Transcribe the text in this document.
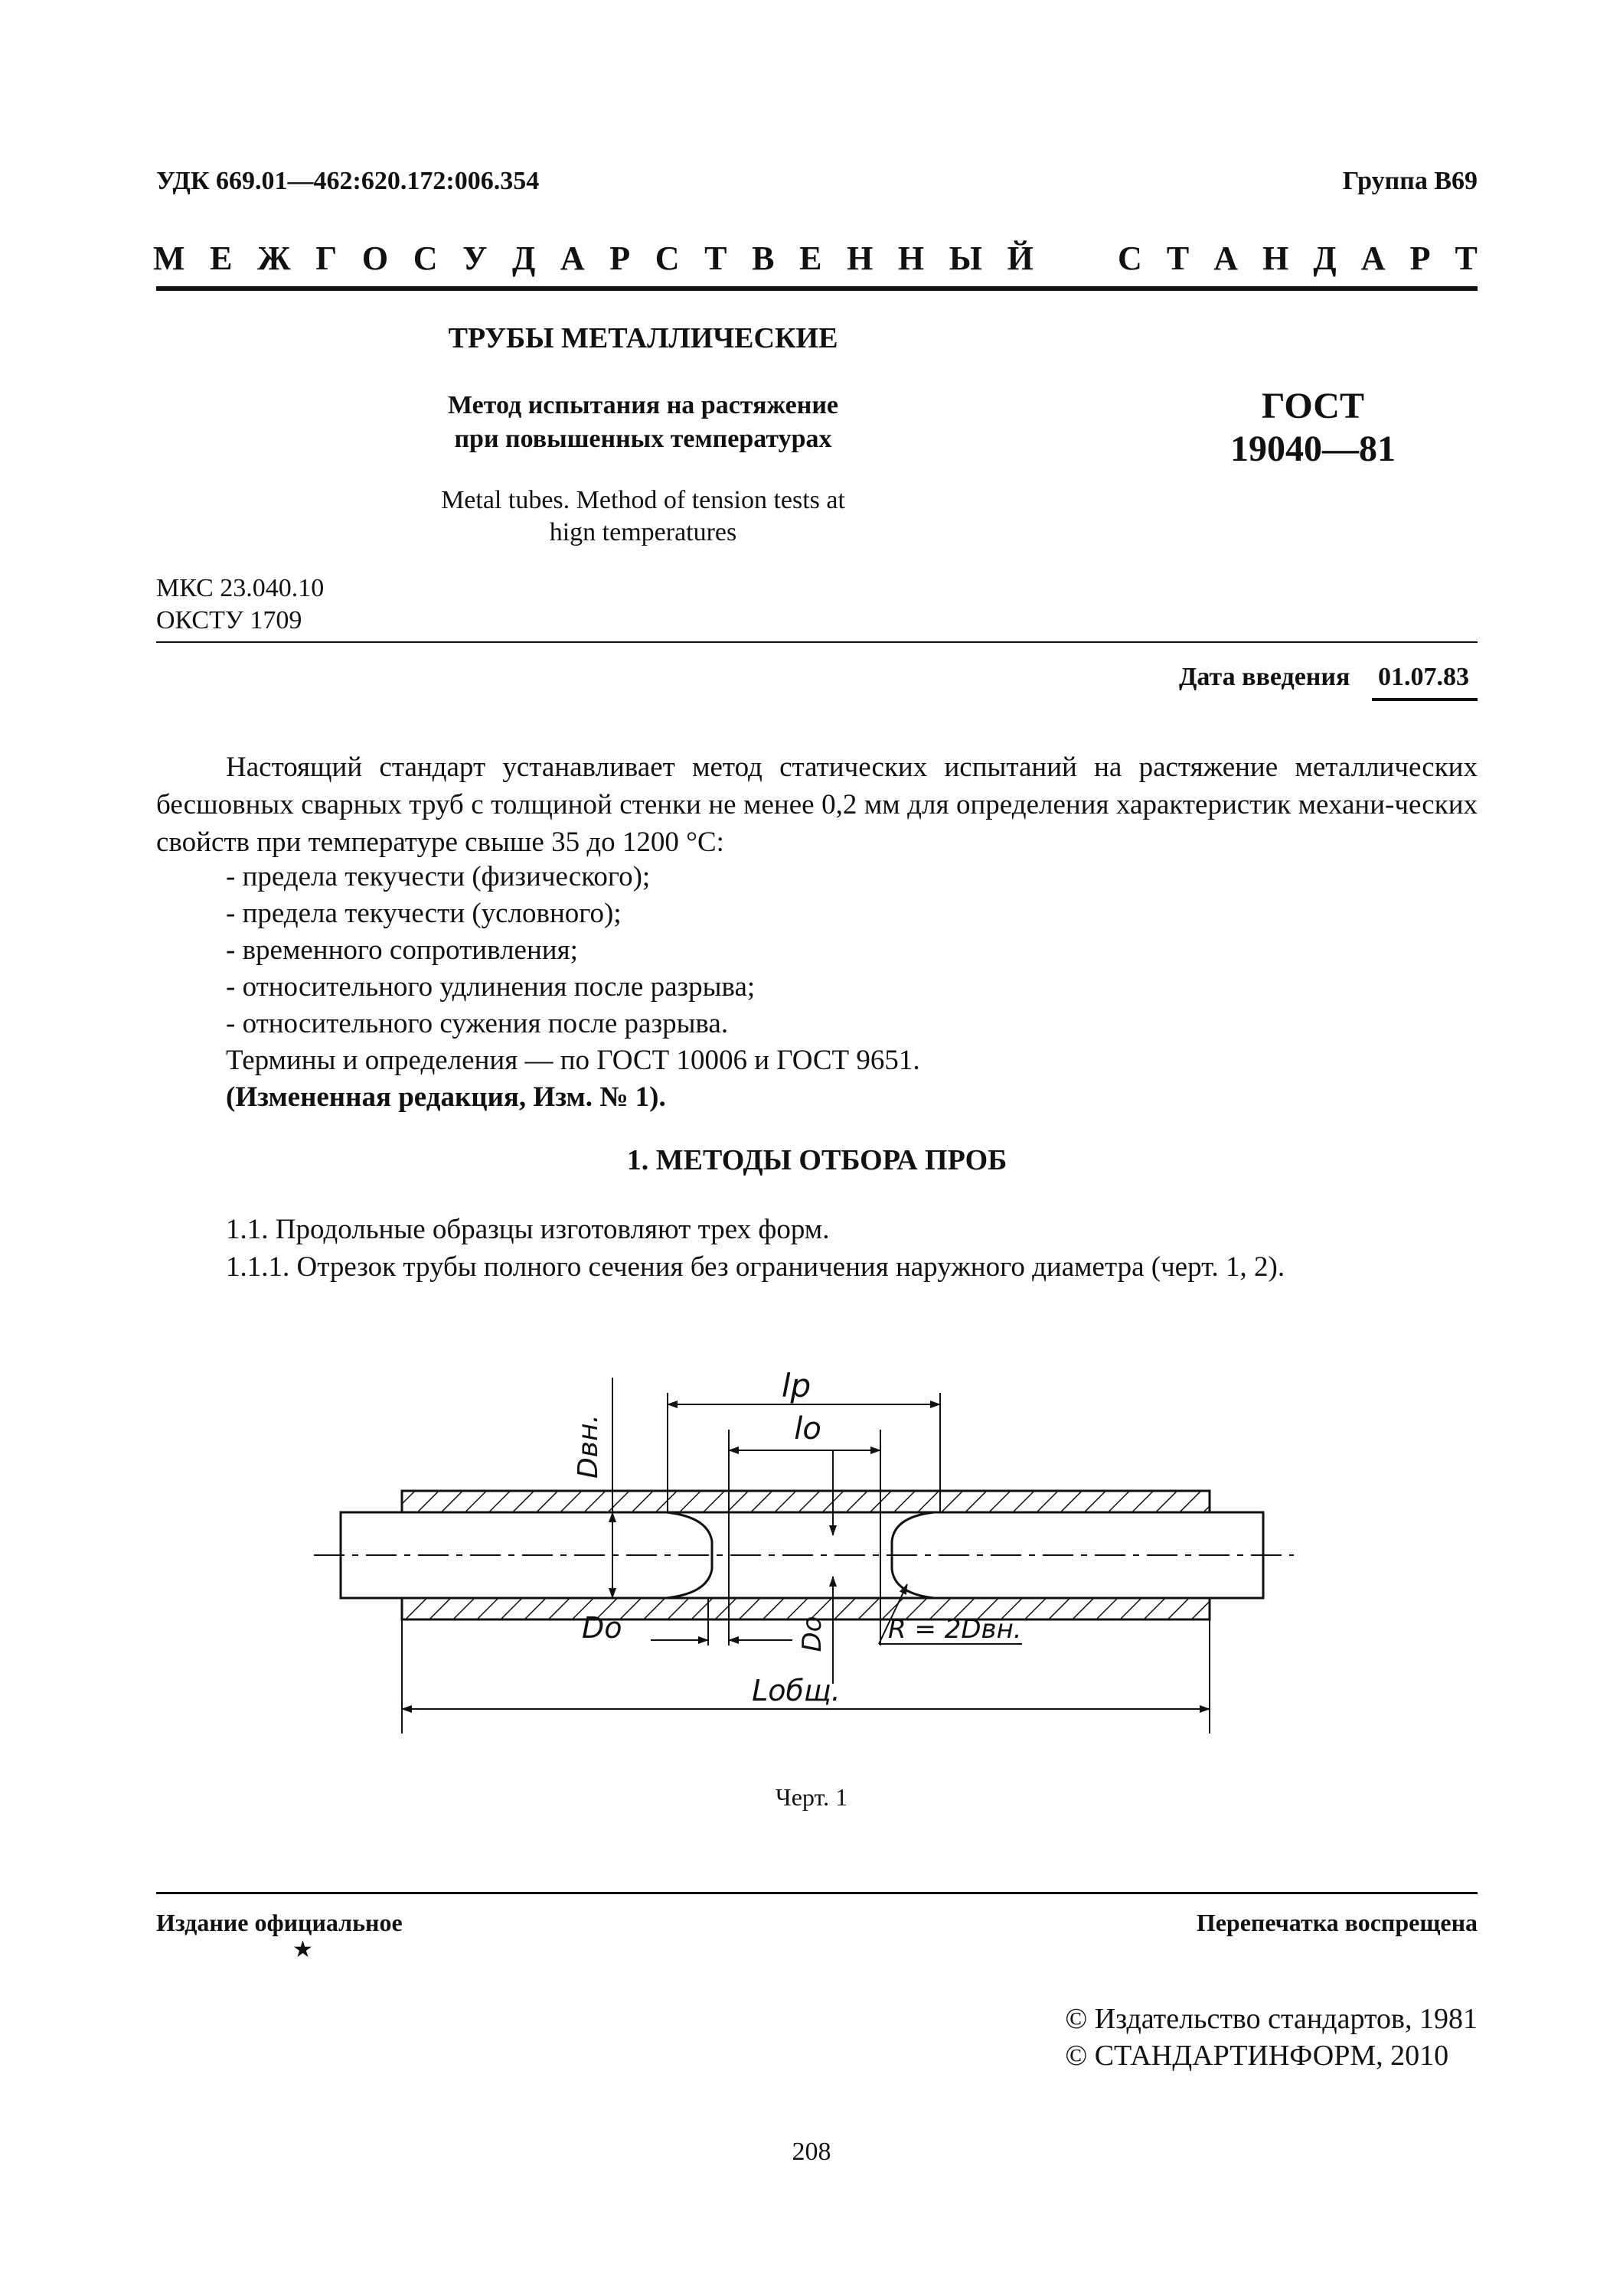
УДК 669.01—462:620.172:006.354	Группа В69
М Е Ж Г О С У Д А Р С Т В Е Н Н Ы Й	С Т А Н Д А Р Т
ТРУБЫ МЕТАЛЛИЧЕСКИЕ
Метод испытания на растяжение
при повышенных температурах
Metal tubes. Method of tension tests at
hign temperatures
ГОСТ
19040—81
МКС 23.040.10
ОКСТУ 1709
Дата введения 01.07.83
Настоящий стандарт устанавливает метод статических испытаний на растяжение металлических бесшовных сварных труб с толщиной стенки не менее 0,2 мм для определения характеристик механи-ческих свойств при температуре свыше 35 до 1200 °С:
- предела текучести (физического);
- предела текучести (условного);
- временного сопротивления;
- относительного удлинения после разрыва;
- относительного сужения после разрыва.
Термины и определения — по ГОСТ 10006 и ГОСТ 9651.
(Измененная редакция, Изм. № 1).
1. МЕТОДЫ ОТБОРА ПРОБ
1.1. Продольные образцы изготовляют трех форм.
1.1.1. Отрезок трубы полного сечения без ограничения наружного диаметра (черт. 1, 2).
lp
lo
Dвн.
Do	Do R = 2Dвн.
Lобщ.
Черт. 1
Издание официальное
★
Перепечатка воспрещена
© Издательство стандартов, 1981
© СТАНДАРТИНФОРМ, 2010
208
